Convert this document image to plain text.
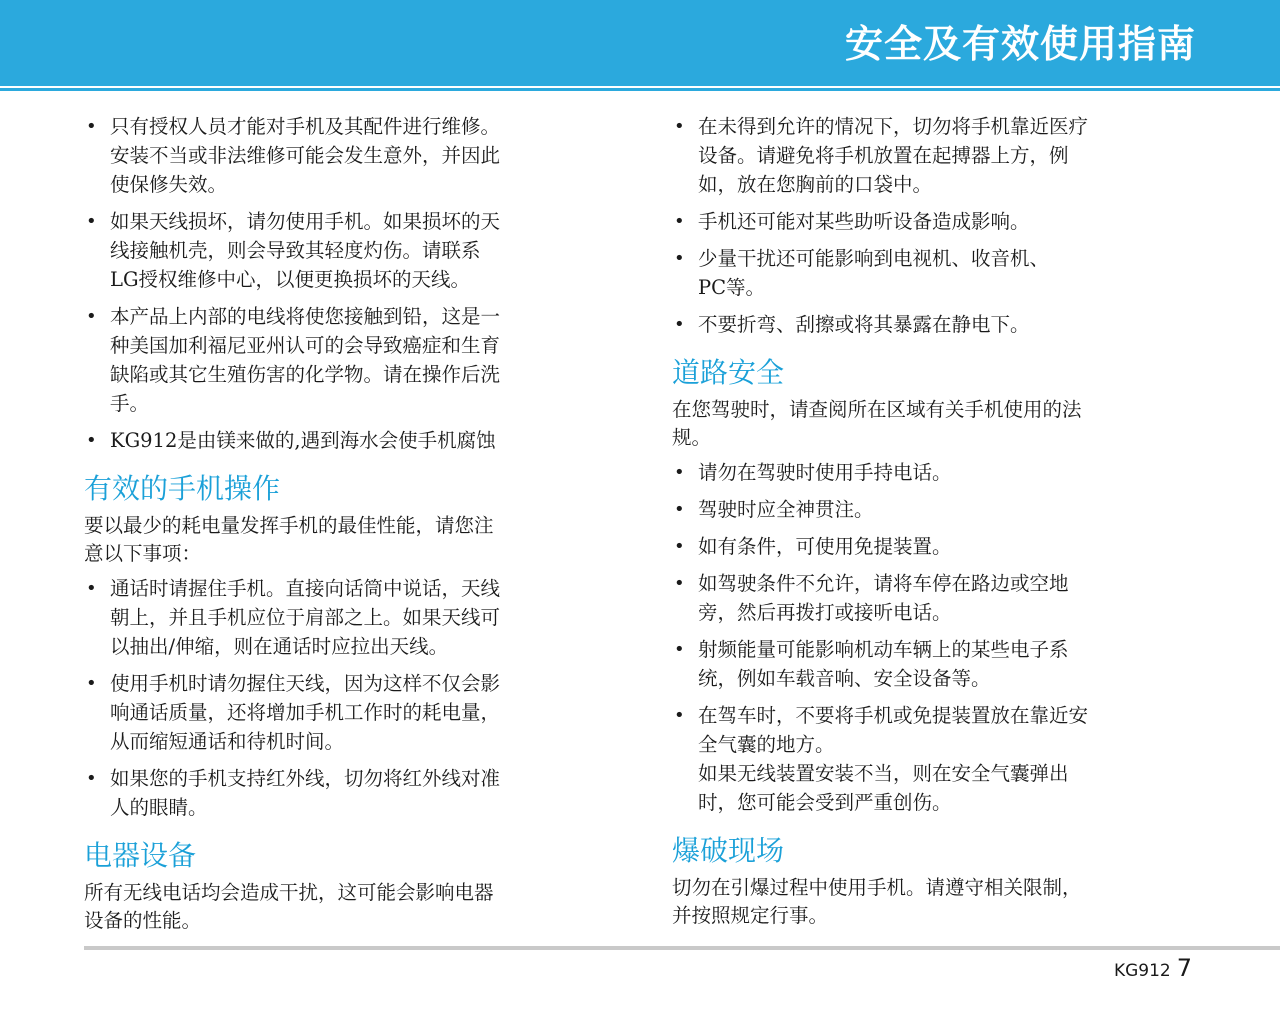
安全及有效使用指南

• 只有授权人员才能对手机及其配件进行维修。

安装不当或非法维修可能会发生意外，并因此

使保修失效。

• 如果天线损坏，请勿使用手机。如果损坏的天

线接触机壳，则会导致其轻度灼伤。请联系

LG授权维修中心，以便更换损坏的天线。

• 本产品上内部的电线将使您接触到铅，这是一

种美国加利福尼亚州认可的会导致癌症和生育

缺陷或其它生殖伤害的化学物。请在操作后洗

手。

• KG912是由镁来做的,遇到海水会使手机腐蚀

有效的手机操作
要以最少的耗电量发挥手机的最佳性能，请您注
意以下事项：

• 通话时请握住手机。直接向话筒中说话，天线

朝上，并且手机应位于肩部之上。如果天线可

以抽出/伸缩，则在通话时应拉出天线。

• 使用手机时请勿握住天线，因为这样不仅会影

响通话质量，还将增加手机工作时的耗电量，

从而缩短通话和待机时间。

• 如果您的手机支持红外线，切勿将红外线对准

人的眼睛。

电器设备
所有无线电话均会造成干扰，这可能会影响电器
设备的性能。

• 在未得到允许的情况下，切勿将手机靠近医疗

设备。请避免将手机放置在起搏器上方，例

如，放在您胸前的口袋中。

• 手机还可能对某些助听设备造成影响。

• 少量干扰还可能影响到电视机、收音机、

PC等。

• 不要折弯、刮擦或将其暴露在静电下。

道路安全
在您驾驶时，请查阅所在区域有关手机使用的法
规。

• 请勿在驾驶时使用手持电话。

• 驾驶时应全神贯注。

• 如有条件，可使用免提装置。

• 如驾驶条件不允许，请将车停在路边或空地

旁，然后再拨打或接听电话。

• 射频能量可能影响机动车辆上的某些电子系

统，例如车载音响、安全设备等。

• 在驾车时，不要将手机或免提装置放在靠近安

全气囊的地方。

如果无线装置安装不当，则在安全气囊弹出

时，您可能会受到严重创伤。

爆破现场
切勿在引爆过程中使用手机。请遵守相关限制，
并按照规定行事。
KG912 7
